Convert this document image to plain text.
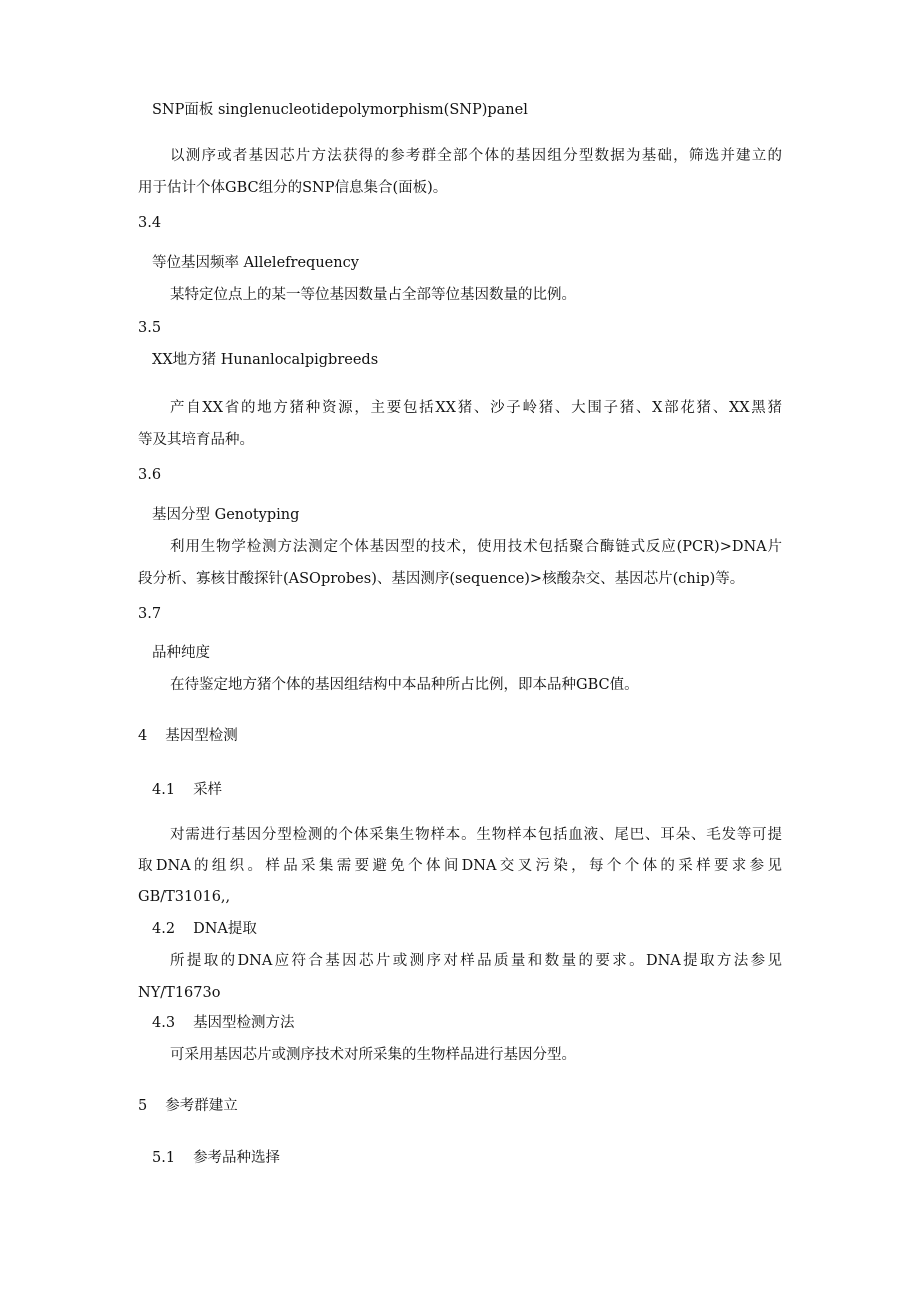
SNP面板 singlenucleotidepolymorphism(SNP)panel

以测序或者基因芯片方法获得的参考群全部个体的基因组分型数据为基础，筛选并建立的

用于估计个体GBC组分的SNP信息集合(面板)。

3.4

等位基因频率 Allelefrequency

某特定位点上的某一等位基因数量占全部等位基因数量的比例。

3.5

XX地方猪 Hunanlocalpigbreeds

产自XX省的地方猪种资源，主要包括XX猪、沙子岭猪、大围子猪、X部花猪、XX黑猪

等及其培育品种。

3.6

基因分型 Genotyping

利用生物学检测方法测定个体基因型的技术，使用技术包括聚合酶链式反应(PCR)>DNA片

段分析、寡核甘酸探针(ASOprobes)、基因测序(sequence)>核酸杂交、基因芯片(chip)等。

3.7

品种纯度

在待鉴定地方猪个体的基因组结构中本品种所占比例，即本品种GBC值。

4 基因型检测

4.1 采样

对需进行基因分型检测的个体采集生物样本。生物样本包括血液、尾巴、耳朵、毛发等可提

取DNA的组织。样品采集需要避免个体间DNA交叉污染，每个个体的采样要求参见

GB/T31016,,

4.2 DNA提取

所提取的DNA应符合基因芯片或测序对样品质量和数量的要求。DNA提取方法参见

NY/T1673o

4.3 基因型检测方法

可采用基因芯片或测序技术对所采集的生物样品进行基因分型。

5 参考群建立

5.1 参考品种选择
